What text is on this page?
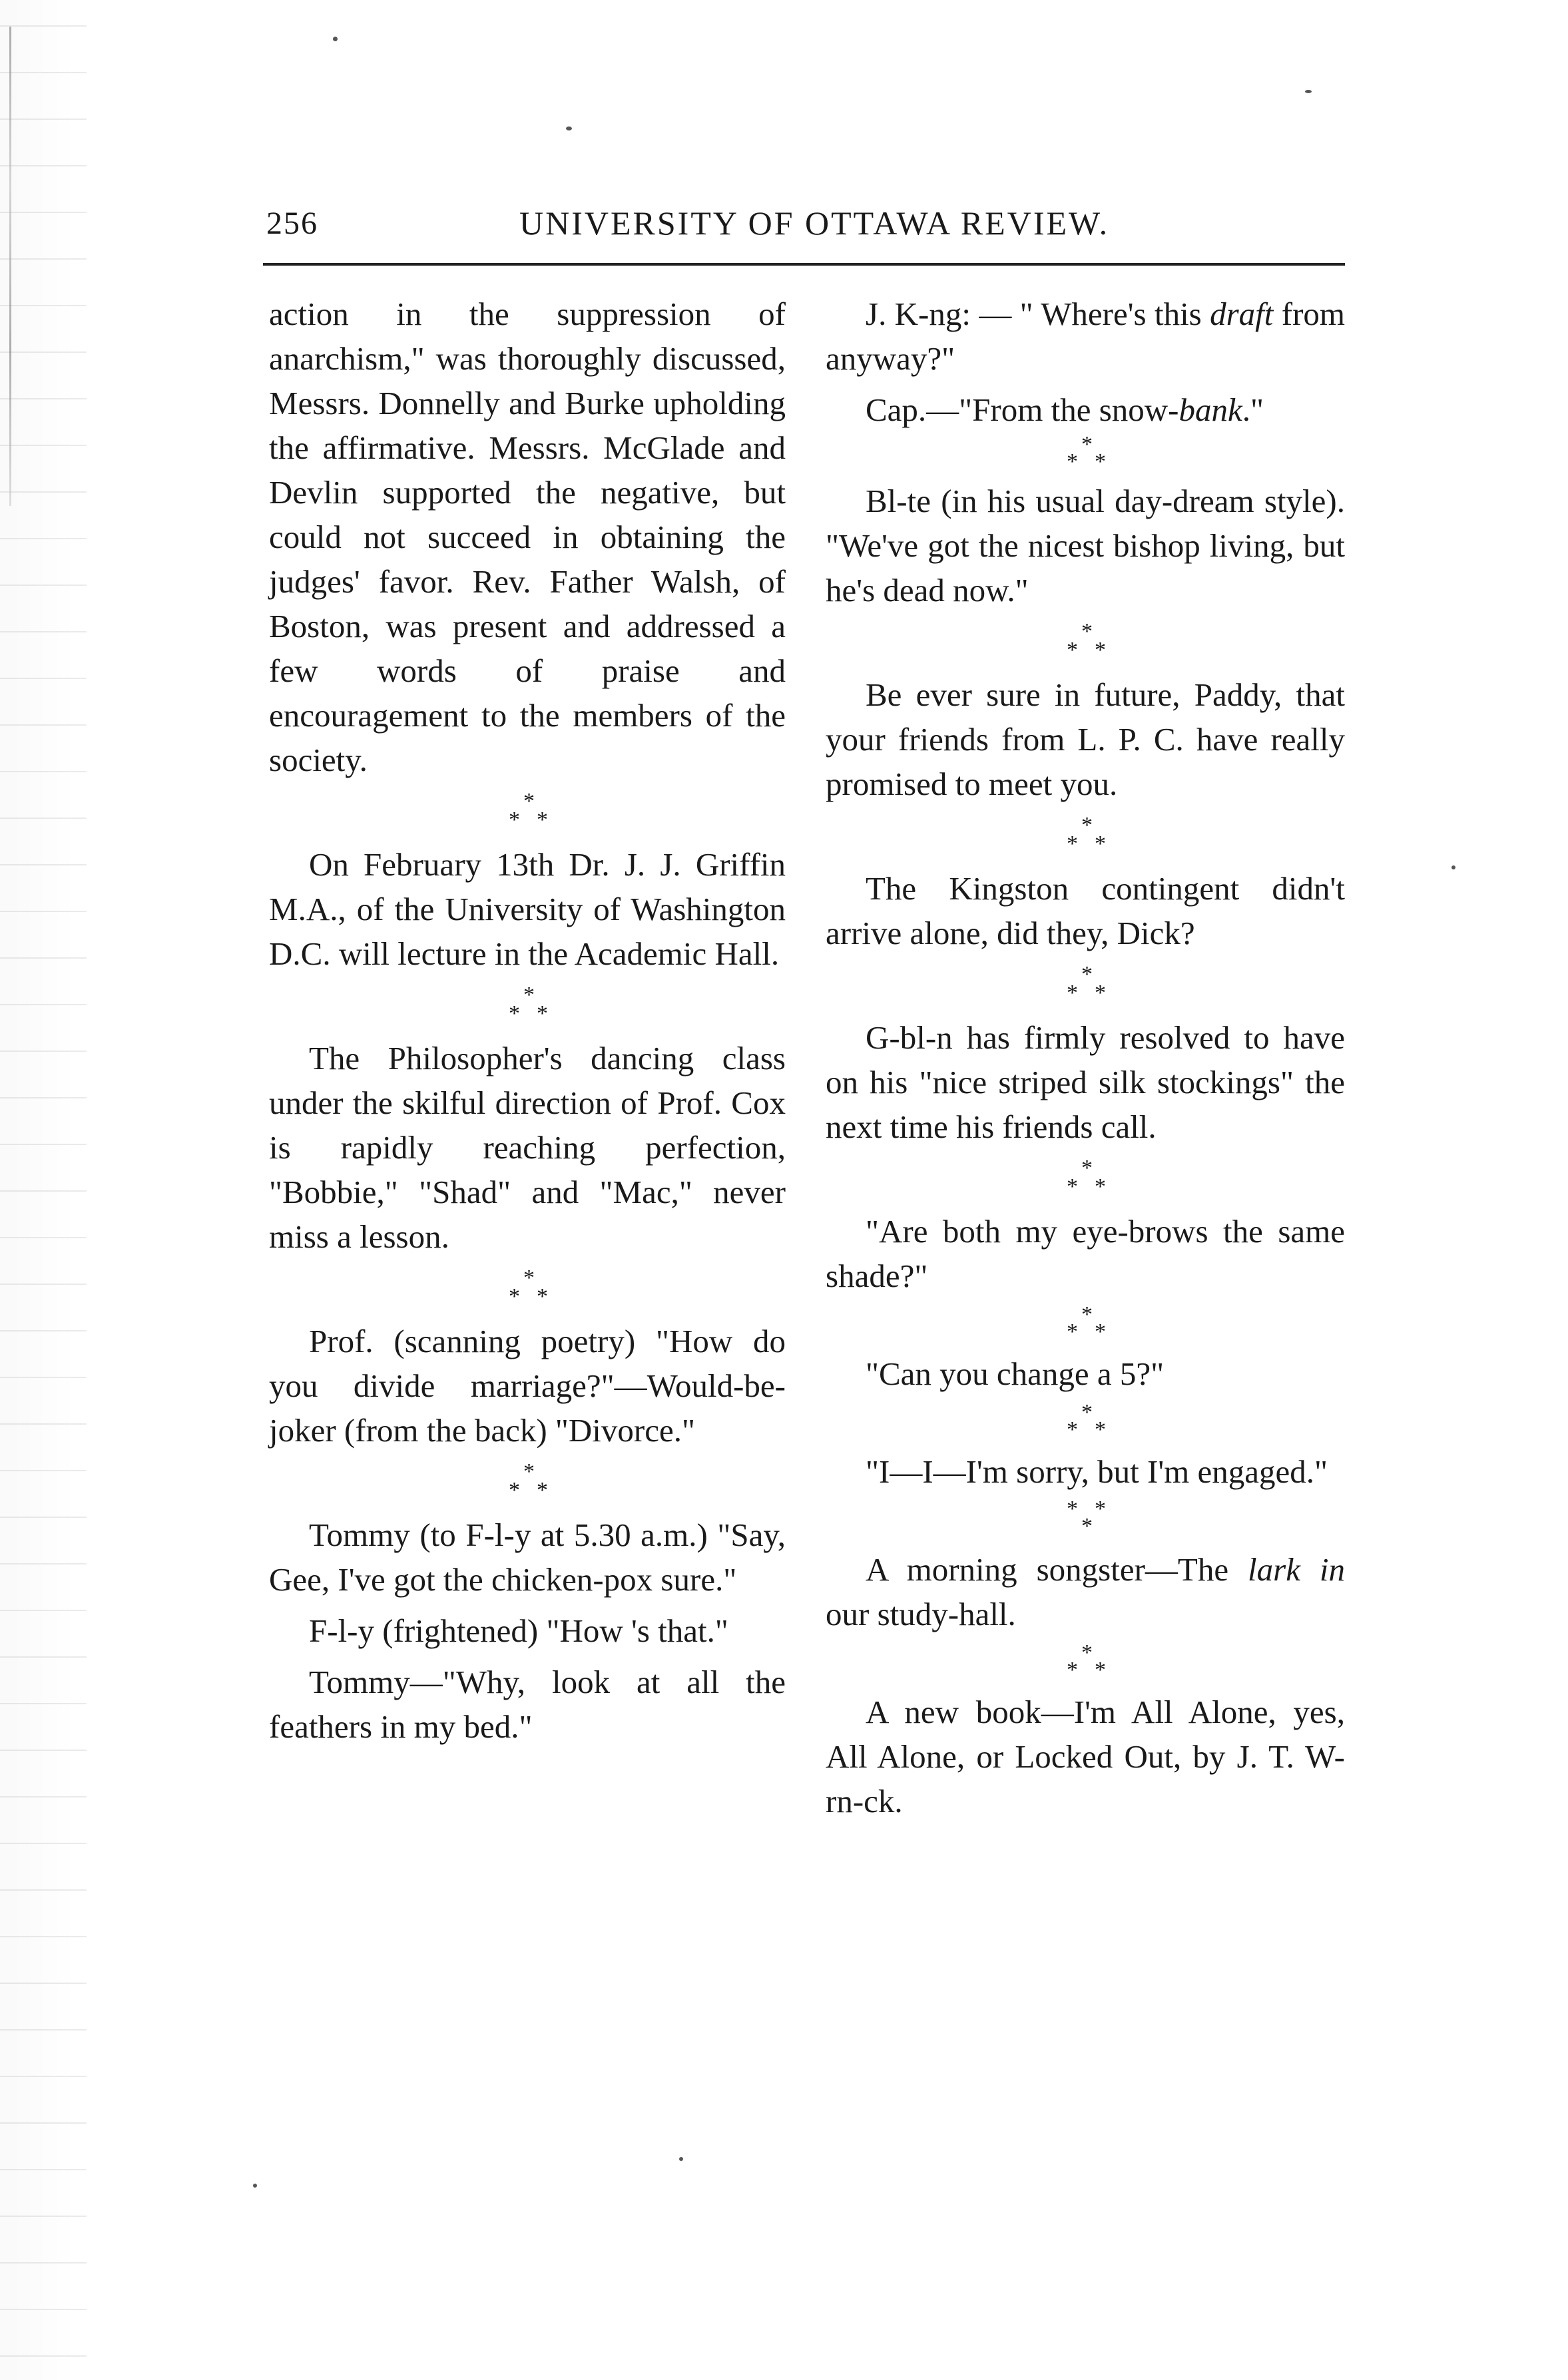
256	UNIVERSITY OF OTTAWA REVIEW.

action in the suppression of anarchism," was thoroughly discussed, Messrs. Donnelly and Burke upholding the affirmative. Messrs. McGlade and Devlin supported the negative, but could not succeed in obtaining the judges' favor. Rev. Father Walsh, of Boston, was present and addressed a few words of praise and encouragement to the members of the society.

*
* *

On February 13th Dr. J. J. Griffin M.A., of the University of Washington D.C. will lecture in the Academic Hall.

*
* *

The Philosopher's dancing class under the skilful direction of Prof. Cox is rapidly reaching perfection, "Bobbie," "Shad" and "Mac," never miss a lesson.

*
* *

Prof. (scanning poetry) "How do you divide marriage?"—Would-be-joker (from the back) "Divorce."

*
* *

Tommy (to F-l-y at 5.30 a.m.) "Say, Gee, I've got the chicken-pox sure."

F-l-y (frightened) "How 's that."

Tommy—"Why, look at all the feathers in my bed."

J. K-ng: — " Where's this draft from anyway?"

Cap.—"From the snow-bank."

*
* *

Bl-te (in his usual day-dream style). "We've got the nicest bishop living, but he's dead now."

*
* *

Be ever sure in future, Paddy, that your friends from L. P. C. have really promised to meet you.

*
* *

The Kingston contingent didn't arrive alone, did they, Dick?

*
* *

G-bl-n has firmly resolved to have on his "nice striped silk stockings" the next time his friends call.

*
* *

"Are both my eye-brows the same shade?"

*
* *

"Can you change a 5?"

*
* *

"I—I—I'm sorry, but I'm engaged."

* *
*

A morning songster—The lark in our study-hall.

*
* *

A new book—I'm All Alone, yes, All Alone, or Locked Out, by J. T. W-rn-ck.
